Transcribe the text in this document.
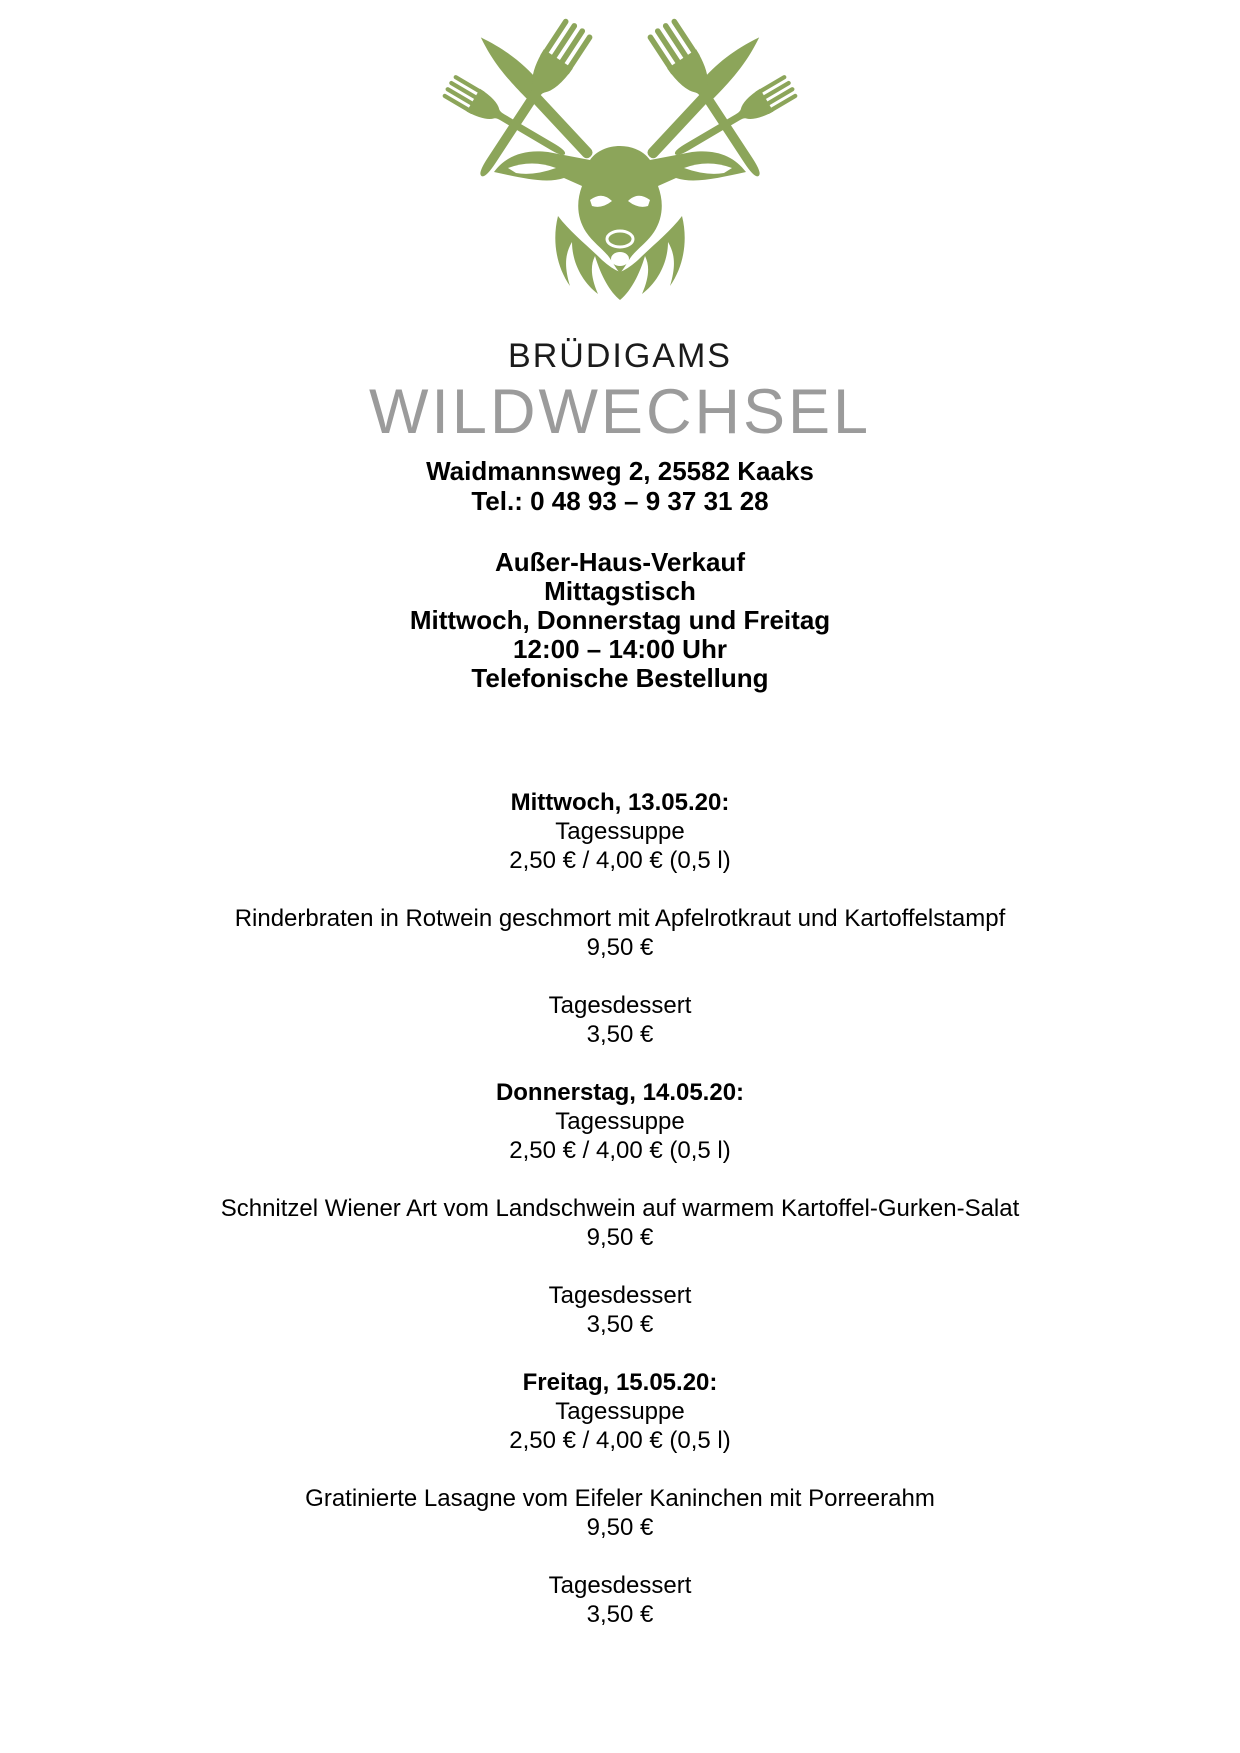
BRÜDIGAMS
WILDWECHSEL

Waidmannsweg 2, 25582 Kaaks

Tel.: 0 48 93 – 9 37 31 28

Außer-Haus-Verkauf

Mittagstisch

Mittwoch, Donnerstag und Freitag

12:00 – 14:00 Uhr

Telefonische Bestellung

Mittwoch, 13.05.20:

Tagessuppe

2,50 € / 4,00 € (0,5 l)

Rinderbraten in Rotwein geschmort mit Apfelrotkraut und Kartoffelstampf

9,50 €

Tagesdessert

3,50 €

Donnerstag, 14.05.20:

Tagessuppe

2,50 € / 4,00 € (0,5 l)

Schnitzel Wiener Art vom Landschwein auf warmem Kartoffel-Gurken-Salat

9,50 €

Tagesdessert

3,50 €

Freitag, 15.05.20:

Tagessuppe

2,50 € / 4,00 € (0,5 l)

Gratinierte Lasagne vom Eifeler Kaninchen mit Porreerahm

9,50 €

Tagesdessert

3,50 €
